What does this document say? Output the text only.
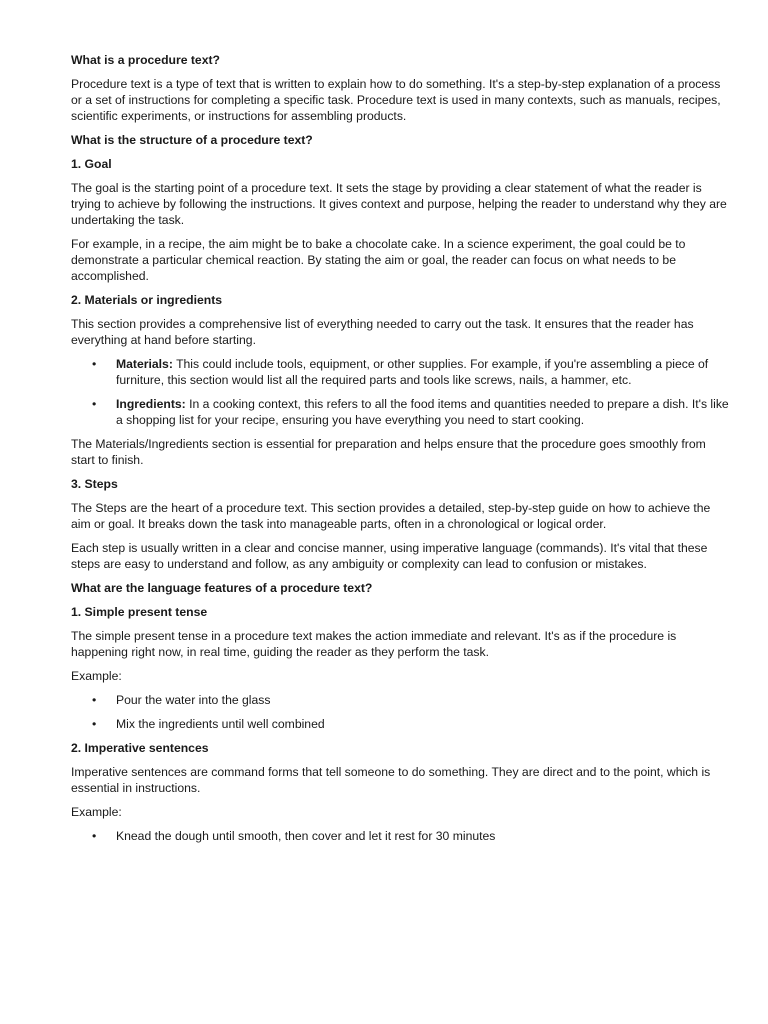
What is a procedure text?
Procedure text is a type of text that is written to explain how to do something. It's a step-by-step explanation of a process or a set of instructions for completing a specific task. Procedure text is used in many contexts, such as manuals, recipes, scientific experiments, or instructions for assembling products.
What is the structure of a procedure text?
1. Goal
The goal is the starting point of a procedure text. It sets the stage by providing a clear statement of what the reader is trying to achieve by following the instructions. It gives context and purpose, helping the reader to understand why they are undertaking the task.
For example, in a recipe, the aim might be to bake a chocolate cake. In a science experiment, the goal could be to demonstrate a particular chemical reaction. By stating the aim or goal, the reader can focus on what needs to be accomplished.
2. Materials or ingredients
This section provides a comprehensive list of everything needed to carry out the task. It ensures that the reader has everything at hand before starting.
• Materials: This could include tools, equipment, or other supplies. For example, if you're assembling a piece of furniture, this section would list all the required parts and tools like screws, nails, a hammer, etc.
• Ingredients: In a cooking context, this refers to all the food items and quantities needed to prepare a dish. It's like a shopping list for your recipe, ensuring you have everything you need to start cooking.
The Materials/Ingredients section is essential for preparation and helps ensure that the procedure goes smoothly from start to finish.
3. Steps
The Steps are the heart of a procedure text. This section provides a detailed, step-by-step guide on how to achieve the aim or goal. It breaks down the task into manageable parts, often in a chronological or logical order.
Each step is usually written in a clear and concise manner, using imperative language (commands). It's vital that these steps are easy to understand and follow, as any ambiguity or complexity can lead to confusion or mistakes.
What are the language features of a procedure text?
1. Simple present tense
The simple present tense in a procedure text makes the action immediate and relevant. It's as if the procedure is happening right now, in real time, guiding the reader as they perform the task.
Example:
• Pour the water into the glass
• Mix the ingredients until well combined
2. Imperative sentences
Imperative sentences are command forms that tell someone to do something. They are direct and to the point, which is essential in instructions.
Example:
• Knead the dough until smooth, then cover and let it rest for 30 minutes
